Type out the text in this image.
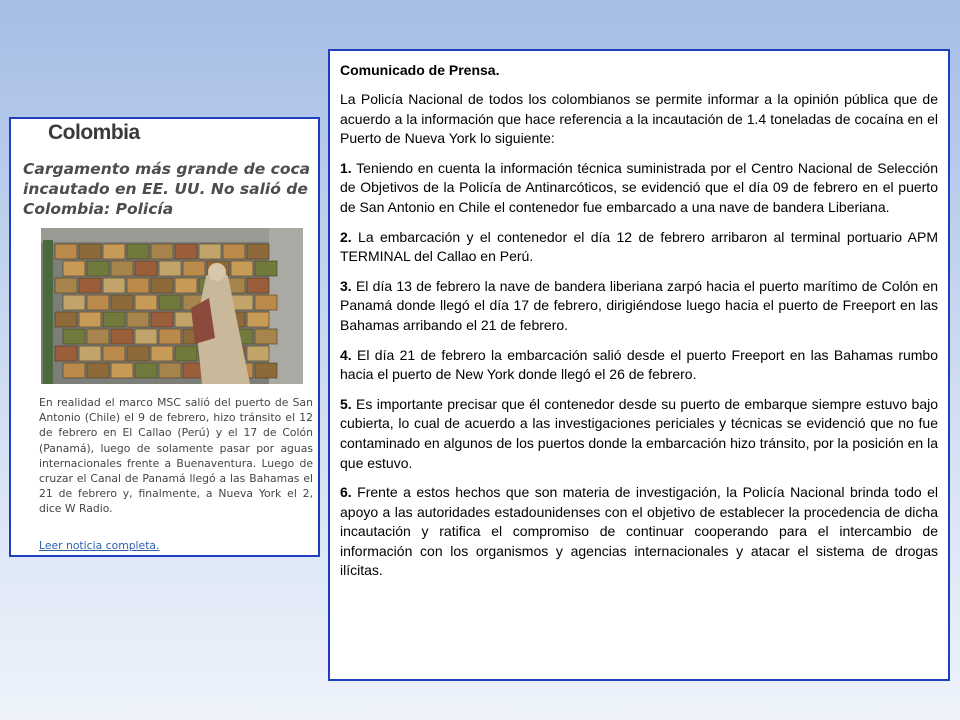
Colombia
Cargamento más grande de coca incautado en EE. UU. No salió de Colombia: Policía
En realidad el marco MSC salió del puerto de San Antonio (Chile) el 9 de febrero, hizo tránsito el 12 de febrero en El Callao (Perú) y el 17 de Colón (Panamá), luego de solamente pasar por aguas internacionales frente a Buenaventura. Luego de cruzar el Canal de Panamá llegó a las Bahamas el 21 de febrero y, finalmente, a Nueva York el 2, dice W Radio.
Leer noticia completa.
Comunicado de Prensa.

La Policía Nacional de todos los colombianos se permite informar a la opinión pública que de acuerdo a la información que hace referencia a la incautación de 1.4 toneladas de cocaína en el Puerto de Nueva York lo siguiente:

1. Teniendo en cuenta la información técnica suministrada por el Centro Nacional de Selección de Objetivos de la Policía de Antinarcóticos, se evidenció que el día 09 de febrero en el puerto de San Antonio en Chile el contenedor fue embarcado a una nave de bandera Liberiana.

2. La embarcación y el contenedor el día 12 de febrero arribaron al terminal portuario APM TERMINAL del Callao en Perú.

3. El día 13 de febrero la nave de bandera liberiana zarpó hacia el puerto marítimo de Colón en Panamá donde llegó el día 17 de febrero, dirigiéndose luego hacia el puerto de Freeport en las Bahamas arribando el 21 de febrero.

4. El día 21 de febrero la embarcación salió desde el puerto Freeport en las Bahamas rumbo hacia el puerto de New York donde llegó el 26 de febrero.

5. Es importante precisar que él contenedor desde su puerto de embarque siempre estuvo bajo cubierta, lo cual de acuerdo a las investigaciones periciales y técnicas se evidenció que no fue contaminado en algunos de los puertos donde la embarcación hizo tránsito, por la posición en la que estuvo.

6. Frente a estos hechos que son materia de investigación, la Policía Nacional brinda todo el apoyo a las autoridades estadounidenses con el objetivo de establecer la procedencia de dicha incautación y ratifica el compromiso de continuar cooperando para el intercambio de información con los organismos y agencias internacionales y atacar el sistema de drogas ilícitas.
